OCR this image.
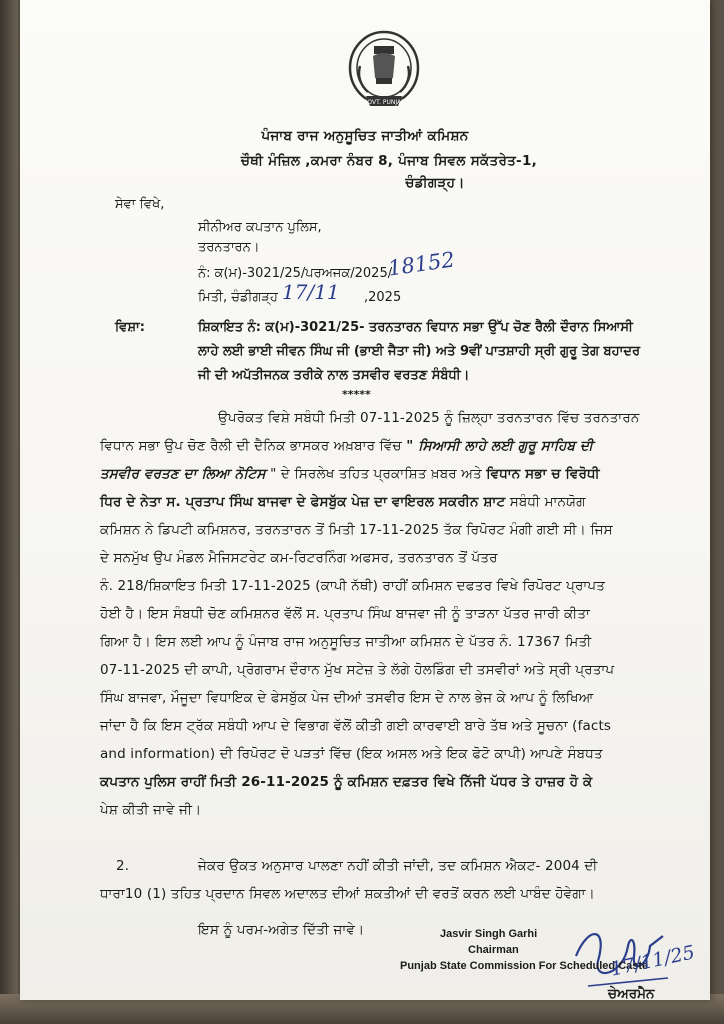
GOVT. PUNJAB
ਪੰਜਾਬ ਰਾਜ ਅਨੁਸੂਚਿਤ ਜਾਤੀਆਂ ਕਮਿਸ਼ਨ
ਚੌਥੀ ਮੰਜ਼ਿਲ ,ਕਮਰਾ ਨੰਬਰ 8, ਪੰਜਾਬ ਸਿਵਲ ਸਕੱਤਰੇਤ-1,
ਚੰਡੀਗੜ੍ਹ।
ਸੇਵਾ ਵਿਖੇ,
ਸੀਨੀਅਰ ਕਪਤਾਨ ਪੁਲਿਸ,
ਤਰਨਤਾਰਨ।
ਨੰ: ਕ(ਮ)-3021/25/ਪਰਅਜਕ/2025/
18152
ਮਿਤੀ, ਚੰਡੀਗੜ੍ਹ 17/11 ,2025
ਵਿਸ਼ਾ:	ਸ਼ਿਕਾਇਤ ਨੰ: ਕ(ਮ)-3021/25- ਤਰਨਤਾਰਨ ਵਿਧਾਨ ਸਭਾ ਉੱਪ ਚੋਣ ਰੈਲੀ ਦੌਰਾਨ ਸਿਆਸੀ
ਲਾਹੇ ਲਈ ਭਾਈ ਜੀਵਨ ਸਿੰਘ ਜੀ (ਭਾਈ ਜੈਤਾ ਜੀ) ਅਤੇ 9ਵੀਂ ਪਾਤਸ਼ਾਹੀ ਸ੍ਰੀ ਗੁਰੂ ਤੇਗ ਬਹਾਦਰ
ਜੀ ਦੀ ਅਪੱਤੀਜਨਕ ਤਰੀਕੇ ਨਾਲ ਤਸਵੀਰ ਵਰਤਣ ਸੰਬੰਧੀ।
*****
ਉਪਰੋਕਤ ਵਿਸ਼ੇ ਸਬੰਧੀ ਮਿਤੀ 07-11-2025 ਨੂੰ ਜ਼ਿਲ੍ਹਾ ਤਰਨਤਾਰਨ ਵਿੱਚ ਤਰਨਤਾਰਨ
ਵਿਧਾਨ ਸਭਾ ਉਪ ਚੋਣ ਰੈਲੀ ਦੀ ਦੈਨਿਕ ਭਾਸਕਰ ਅਖ਼ਬਾਰ ਵਿੱਚ " ਸਿਆਸੀ ਲਾਹੇ ਲਈ ਗੁਰੂ ਸਾਹਿਬ ਦੀ
ਤਸਵੀਰ ਵਰਤਣ ਦਾ ਲਿਆ ਨੋਟਿਸ " ਦੇ ਸਿਰਲੇਖ ਤਹਿਤ ਪ੍ਰਕਾਸ਼ਿਤ ਖ਼ਬਰ ਅਤੇ ਵਿਧਾਨ ਸਭਾ ਚ ਵਿਰੋਧੀ
ਧਿਰ ਦੇ ਨੇਤਾ ਸ. ਪ੍ਰਤਾਪ ਸਿੰਘ ਬਾਜਵਾ ਦੇ ਫੇਸਬੁੱਕ ਪੇਜ਼ ਦਾ ਵਾਇਰਲ ਸਕਰੀਨ ਸ਼ਾਟ ਸਬੰਧੀ ਮਾਨਯੋਗ
ਕਮਿਸ਼ਨ ਨੇ ਡਿਪਟੀ ਕਮਿਸ਼ਨਰ, ਤਰਨਤਾਰਨ ਤੋਂ ਮਿਤੀ 17-11-2025 ਤੱਕ ਰਿਪੋਰਟ ਮੰਗੀ ਗਈ ਸੀ। ਜਿਸ
ਦੇ ਸਨਮੁੱਖ ਉਪ ਮੰਡਲ ਮੈਜਿਸਟਰੇਟ ਕਮ-ਰਿਟਰਨਿੰਗ ਅਫਸਰ, ਤਰਨਤਾਰਨ ਤੋਂ ਪੱਤਰ
ਨੰ. 218/ਸ਼ਿਕਾਇਤ ਮਿਤੀ 17-11-2025 (ਕਾਪੀ ਨੱਥੀ) ਰਾਹੀਂ ਕਮਿਸ਼ਨ ਦਫਤਰ ਵਿਖੇ ਰਿਪੋਰਟ ਪ੍ਰਾਪਤ
ਹੋਈ ਹੈ। ਇਸ ਸੰਬਧੀ ਚੋਣ ਕਮਿਸ਼ਨਰ ਵੱਲੋਂ ਸ. ਪ੍ਰਤਾਪ ਸਿੰਘ ਬਾਜਵਾ ਜੀ ਨੂੰ ਤਾੜਨਾ ਪੱਤਰ ਜਾਰੀ ਕੀਤਾ
ਗਿਆ ਹੈ। ਇਸ ਲਈ ਆਪ ਨੂੰ ਪੰਜਾਬ ਰਾਜ ਅਨੁਸੂਚਿਤ ਜਾਤੀਆ ਕਮਿਸ਼ਨ ਦੇ ਪੱਤਰ ਨੰ. 17367 ਮਿਤੀ
07-11-2025 ਦੀ ਕਾਪੀ, ਪ੍ਰੋਗਰਾਮ ਦੌਰਾਨ ਮੁੱਖ ਸਟੇਜ਼ ਤੇ ਲੱਗੇ ਹੋਲਡਿੰਗ ਦੀ ਤਸਵੀਰਾਂ ਅਤੇ ਸ੍ਰੀ ਪ੍ਰਤਾਪ
ਸਿੰਘ ਬਾਜਵਾ, ਮੌਜੂਦਾ ਵਿਧਾਇਕ ਦੇ ਫੇਸਬੁੱਕ ਪੇਜ ਦੀਆਂ ਤਸਵੀਰ ਇਸ ਦੇ ਨਾਲ ਭੇਜ ਕੇ ਆਪ ਨੂੰ ਲਿਖਿਆ
ਜਾਂਦਾ ਹੈ ਕਿ ਇਸ ਟ੍ਰੱਕ ਸਬੰਧੀ ਆਪ ਦੇ ਵਿਭਾਗ ਵੱਲੋਂ ਕੀਤੀ ਗਈ ਕਾਰਵਾਈ ਬਾਰੇ ਤੱਥ ਅਤੇ ਸੂਚਨਾ (facts
and information) ਦੀ ਰਿਪੋਰਟ ਦੋ ਪੜਤਾਂ ਵਿੱਚ (ਇਕ ਅਸਲ ਅਤੇ ਇਕ ਫੋਟੋ ਕਾਪੀ) ਆਪਣੇ ਸੰਬਧਤ
ਕਪਤਾਨ ਪੁਲਿਸ ਰਾਹੀਂ ਮਿਤੀ 26-11-2025 ਨੂੰ ਕਮਿਸ਼ਨ ਦਫ਼ਤਰ ਵਿਖੇ ਨਿੱਜੀ ਪੱਧਰ ਤੇ ਹਾਜ਼ਰ ਹੋ ਕੇ
ਪੇਸ਼ ਕੀਤੀ ਜਾਵੇ ਜੀ।
2.	ਜੇਕਰ ਉਕਤ ਅਨੁਸਾਰ ਪਾਲਣਾ ਨਹੀਂ ਕੀਤੀ ਜਾਂਦੀ, ਤਦ ਕਮਿਸ਼ਨ ਐਕਟ- 2004 ਦੀ
ਧਾਰਾ10 (1) ਤਹਿਤ ਪ੍ਰਦਾਨ ਸਿਵਲ ਅਦਾਲਤ ਦੀਆਂ ਸ਼ਕਤੀਆਂ ਦੀ ਵਰਤੋਂ ਕਰਨ ਲਈ ਪਾਬੰਦ ਹੋਵੇਗਾ।
ਇਸ ਨੂੰ ਪਰਮ-ਅਗੇਤ ਦਿੱਤੀ ਜਾਵੇ।	Jasvir Singh Garhi
Chairman
Punjab State Commission For Scheduled Caste
17/11/25
ਚੇਅਰਮੈਨ
